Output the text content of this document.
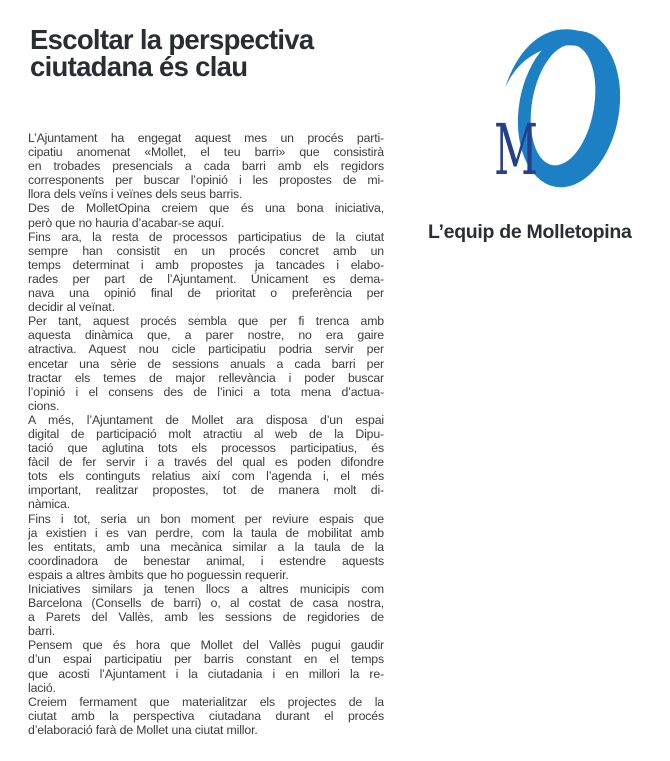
Escoltar la perspectiva
ciutadana és clau
L’Ajuntament ha engegat aquest mes un procés parti-
cipatiu anomenat «Mollet, el teu barri» que consistirà
en trobades presencials a cada barri amb els regidors
corresponents per buscar l’opinió i les propostes de mi-
llora dels veïns i veïnes dels seus barris.
Des de MolletOpina creiem que és una bona iniciativa,
però que no hauria d’acabar-se aquí.
Fins ara, la resta de processos participatius de la ciutat
sempre han consistit en un procés concret amb un
temps determinat i amb propostes ja tancades i elabo-
rades per part de l’Ajuntament. Únicament es dema-
nava una opinió final de prioritat o preferència per
decidir al veïnat.
Per tant, aquest procés sembla que per fi trenca amb
aquesta dinàmica que, a parer nostre, no era gaire
atractiva. Aquest nou cicle participatiu podria servir per
encetar una sèrie de sessions anuals a cada barri per
tractar els temes de major rellevància i poder buscar
l’opinió i el consens des de l’inici a tota mena d’actua-
cions.
A més, l’Ajuntament de Mollet ara disposa d’un espai
digital de participació molt atractiu al web de la Dipu-
tació que aglutina tots els processos participatius, és
fàcil de fer servir i a través del qual es poden difondre
tots els continguts relatius així com l’agenda i, el més
important, realitzar propostes, tot de manera molt di-
nàmica.
Fins i tot, seria un bon moment per reviure espais que
ja existien i es van perdre, com la taula de mobilitat amb
les entitats, amb una mecànica similar a la taula de la
coordinadora de benestar animal, i estendre aquests
espais a altres àmbits que ho poguessin requerir.
Iniciatives similars ja tenen llocs a altres municipis com
Barcelona (Consells de barri) o, al costat de casa nostra,
a Parets del Vallès, amb les sessions de regidories de
barri.
Pensem que és hora que Mollet del Vallès pugui gaudir
d’un espai participatiu per barris constant en el temps
que acosti l’Ajuntament i la ciutadania i en millori la re-
lació.
Creiem fermament que materialitzar els projectes de la
ciutat amb la perspectiva ciutadana durant el procés
d’elaboració farà de Mollet una ciutat millor.
M
L’equip de Molletopina
